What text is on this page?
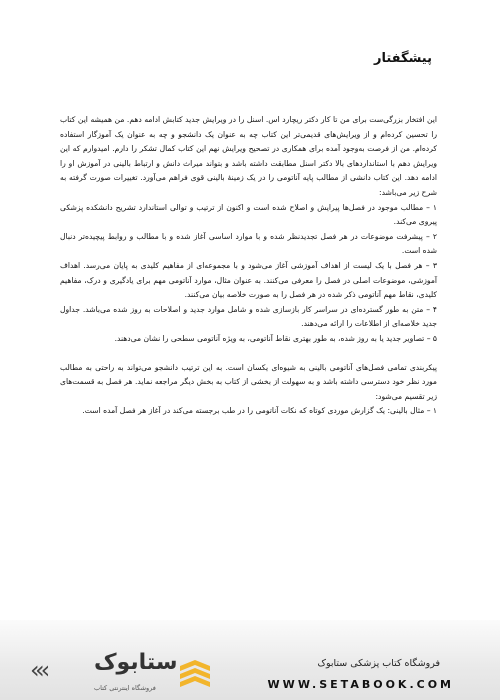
پیشگفتار

این افتخار بزرگی‌ست برای من تا کار دکتر ریچارد اس. اسنل را در ویرایش جدید کتابش ادامه دهم. من همیشه این کتاب را تحسین کرده‌ام و از ویرایش‌های قدیمی‌تر این کتاب چه به عنوان یک دانشجو و چه به عنوان یک آموزگار استفاده کرده‌ام. من از فرصت به‌وجود آمده برای همکاری در تصحیح ویرایش نهم این کتاب کمال تشکر را دارم. امیدوارم که این ویرایش دهم با استانداردهای بالا دکتر اسنل مطابقت داشته باشد و بتواند میراث دانش و ارتباط بالینی در آموزش او را ادامه دهد. این کتاب دانشی از مطالب پایه آناتومی را در یک زمینهٔ بالینی قوی فراهم می‌آورد. تغییرات صورت گرفته به شرح زیر می‌باشد:

۱ – مطالب موجود در فصل‌ها پیرایش و اصلاح شده است و اکنون از ترتیب و توالی استاندارد تشریح دانشکده پزشکی پیروی می‌کند.

۲ – پیشرفت موضوعات در هر فصل تجدیدنظر شده و با موارد اساسی آغاز شده و با مطالب و روابط پیچیده‌تر دنبال شده است.

۳ – هر فصل با یک لیست از اهداف آموزشی آغاز می‌شود و با مجموعه‌ای از مفاهیم کلیدی به پایان می‌رسد. اهداف آموزشی، موضوعات اصلی در فصل را معرفی می‌کنند. به عنوان مثال، موارد آناتومی مهم برای یادگیری و درک، مفاهیم کلیدی، نقاط مهم آناتومی ذکر شده در هر فصل را به صورت خلاصه بیان می‌کنند.

۴ – متن به طور گسترده‌ای در سراسر کار بازسازی شده و شامل موارد جدید و اصلاحات به روز شده می‌باشد. جداول جدید خلاصه‌ای از اطلاعات را ارائه می‌دهند.

۵ – تصاویر جدید یا به روز شده، به طور بهتری نقاط آناتومی، به ویژه آناتومی سطحی را نشان می‌دهند.

پیکربندی تمامی فصل‌های آناتومی بالینی به شیوه‌ای یکسان است. به این ترتیب دانشجو می‌تواند به راحتی به مطالب مورد نظر خود دسترسی داشته باشد و به سهولت از بخشی از کتاب به بخش دیگر مراجعه نماید. هر فصل به قسمت‌های زیر تقسیم می‌شود:

۱ – مثال بالینی: یک گزارش موردی کوتاه که نکات آناتومی را در طب برجسته می‌کند در آغاز هر فصل آمده است.

فروشگاه کتاب پزشکی ستابوک
WWW.SETABOOK.COM
«‹ ستابوک
فروشگاه اینترنتی کتاب
